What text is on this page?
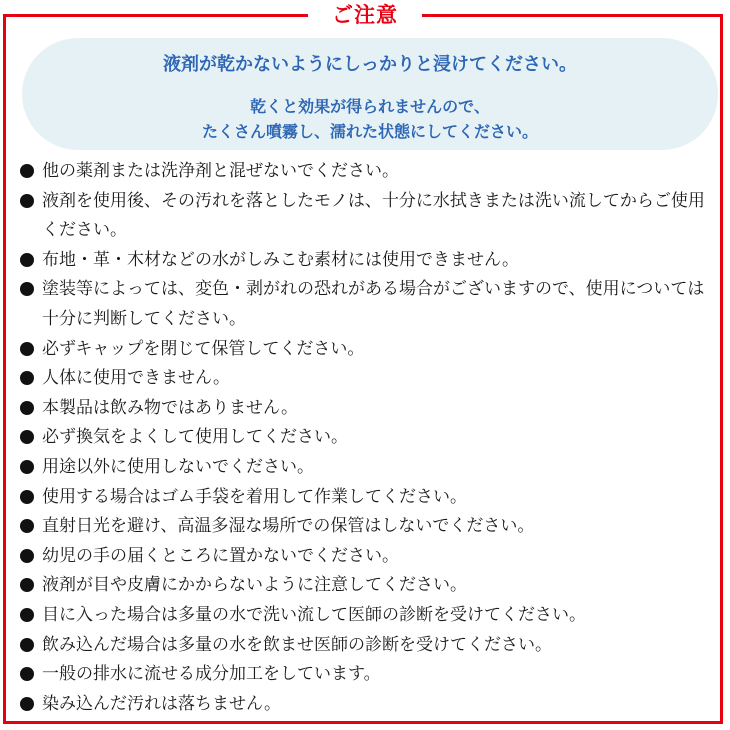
ご注意
液剤が乾かないようにしっかりと浸けてください。
乾くと効果が得られませんので、
たくさん噴霧し、濡れた状態にしてください。
他の薬剤または洗浄剤と混ぜないでください。
液剤を使用後、その汚れを落としたモノは、十分に水拭きまたは洗い流してからご使用ください。
布地・革・木材などの水がしみこむ素材には使用できません。
塗装等によっては、変色・剥がれの恐れがある場合がございますので、使用については十分に判断してください。
必ずキャップを閉じて保管してください。
人体に使用できません。
本製品は飲み物ではありません。
必ず換気をよくして使用してください。
用途以外に使用しないでください。
使用する場合はゴム手袋を着用して作業してください。
直射日光を避け、高温多湿な場所での保管はしないでください。
幼児の手の届くところに置かないでください。
液剤が目や皮膚にかからないように注意してください。
目に入った場合は多量の水で洗い流して医師の診断を受けてください。
飲み込んだ場合は多量の水を飲ませ医師の診断を受けてください。
一般の排水に流せる成分加工をしています。
染み込んだ汚れは落ちません。
